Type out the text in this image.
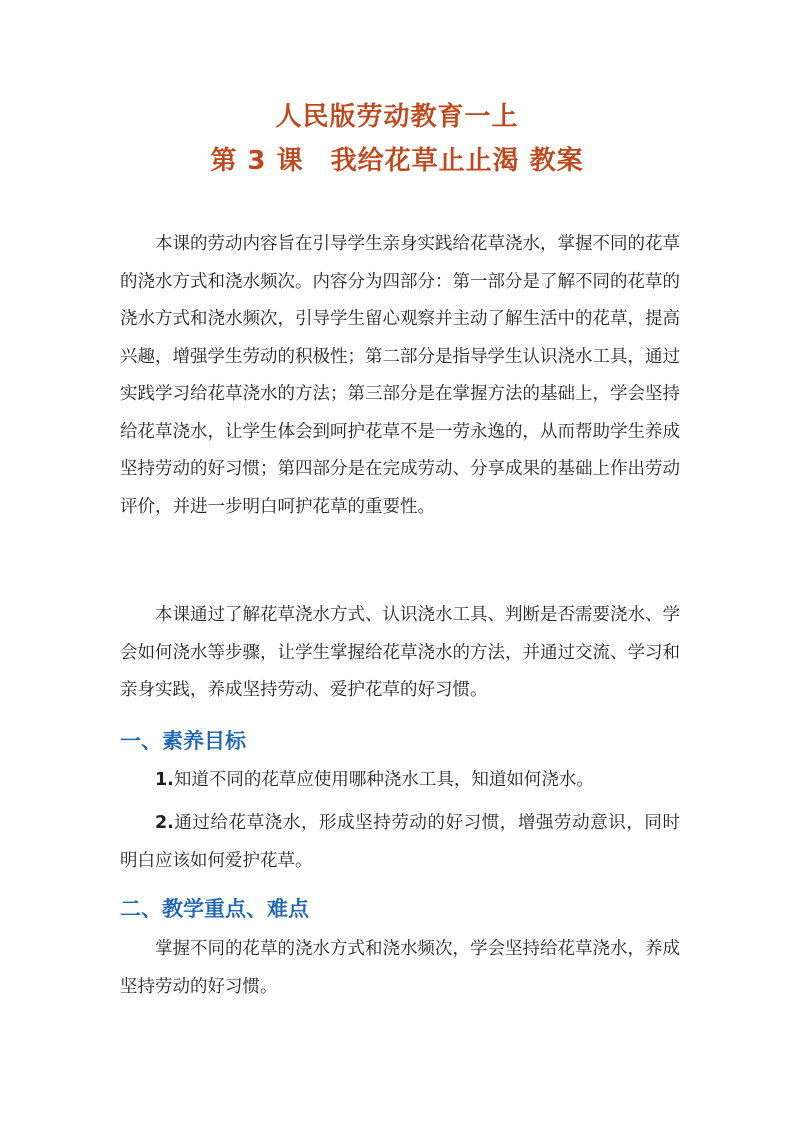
人民版劳动教育一上
第 3 课　我给花草止止渴 教案

本课的劳动内容旨在引导学生亲身实践给花草浇水，掌握不同的花草的浇水方式和浇水频次。内容分为四部分：第一部分是了解不同的花草的浇水方式和浇水频次，引导学生留心观察并主动了解生活中的花草，提高兴趣，增强学生劳动的积极性；第二部分是指导学生认识浇水工具，通过实践学习给花草浇水的方法；第三部分是在掌握方法的基础上，学会坚持给花草浇水，让学生体会到呵护花草不是一劳永逸的，从而帮助学生养成坚持劳动的好习惯；第四部分是在完成劳动、分享成果的基础上作出劳动评价，并进一步明白呵护花草的重要性。

本课通过了解花草浇水方式、认识浇水工具、判断是否需要浇水、学会如何浇水等步骤，让学生掌握给花草浇水的方法，并通过交流、学习和亲身实践，养成坚持劳动、爱护花草的好习惯。

一、素养目标

1.知道不同的花草应使用哪种浇水工具，知道如何浇水。

2.通过给花草浇水，形成坚持劳动的好习惯，增强劳动意识，同时明白应该如何爱护花草。

二、教学重点、难点

掌握不同的花草的浇水方式和浇水频次，学会坚持给花草浇水，养成坚持劳动的好习惯。
